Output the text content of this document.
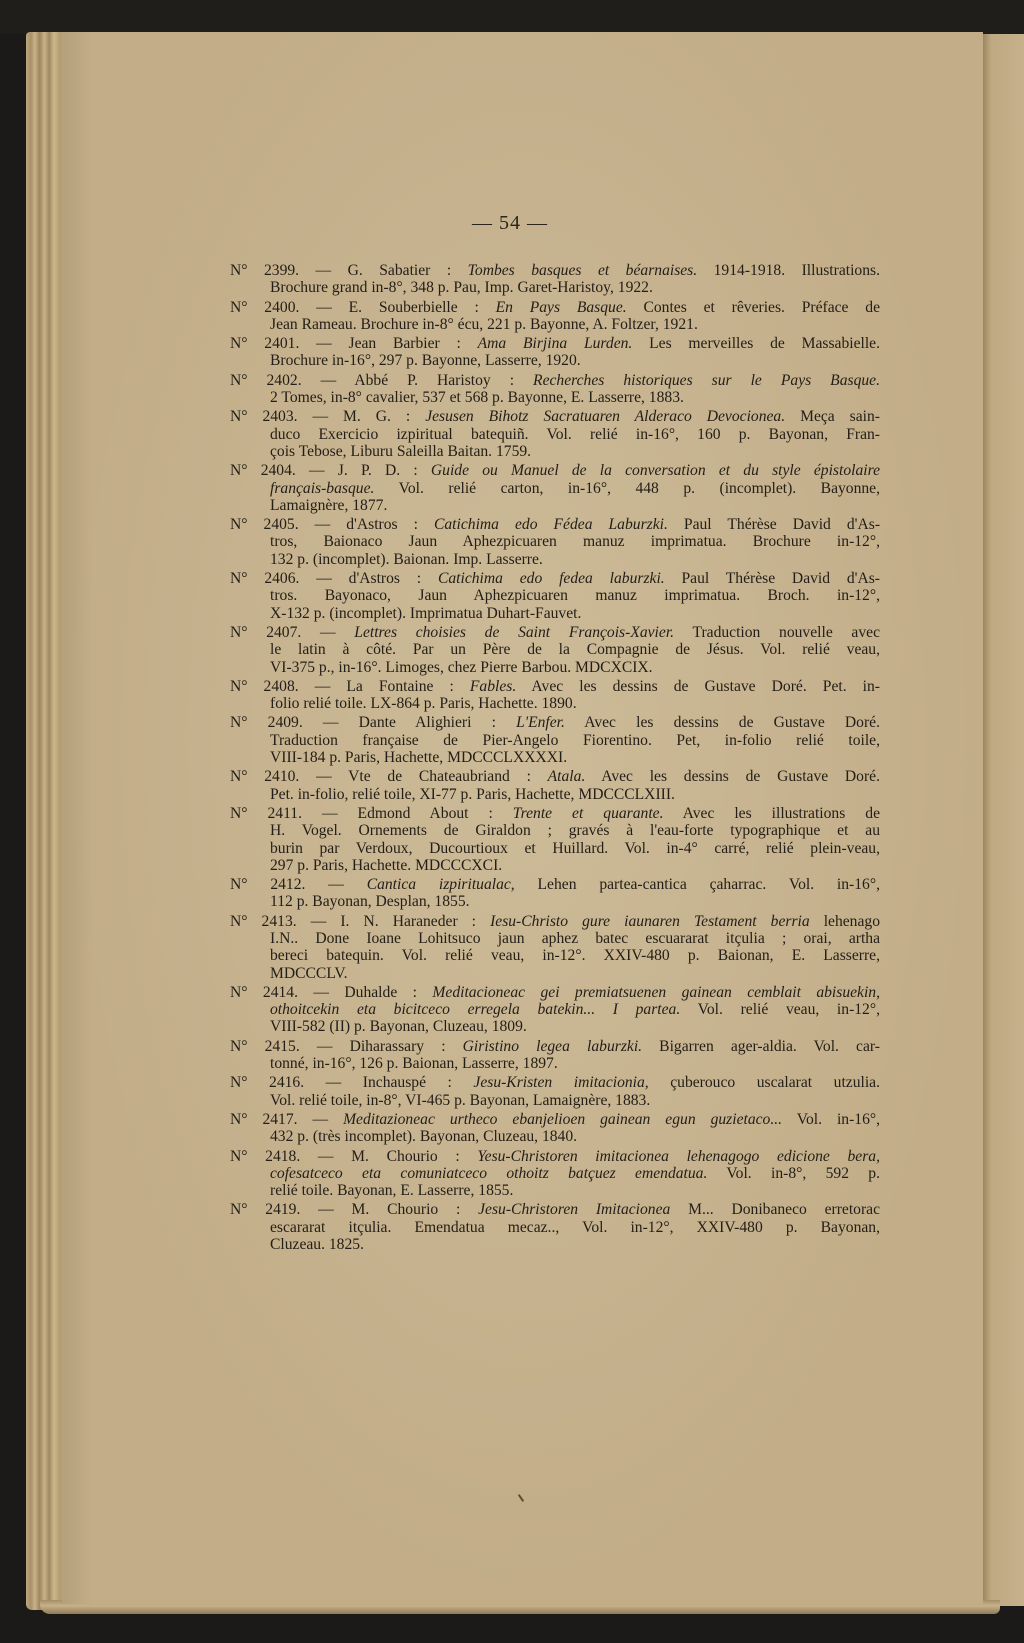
— 54 —
N° 2399. — G. Sabatier : Tombes basques et béarnaises. 1914-1918. Illustrations.
Brochure grand in-8°, 348 p. Pau, Imp. Garet-Haristoy, 1922.
N° 2400. — E. Souberbielle : En Pays Basque. Contes et rêveries. Préface de
Jean Rameau. Brochure in-8° écu, 221 p. Bayonne, A. Foltzer, 1921.
N° 2401. — Jean Barbier : Ama Birjina Lurden. Les merveilles de Massabielle.
Brochure in-16°, 297 p. Bayonne, Lasserre, 1920.
N° 2402. — Abbé P. Haristoy : Recherches historiques sur le Pays Basque.
2 Tomes, in-8° cavalier, 537 et 568 p. Bayonne, E. Lasserre, 1883.
N° 2403. — M. G. : Jesusen Bihotz Sacratuaren Alderaco Devocionea. Meça sain-
duco Exercicio izpiritual batequiñ. Vol. relié in-16°, 160 p. Bayonan, Fran-
çois Tebose, Liburu Saleilla Baitan. 1759.
N° 2404. — J. P. D. : Guide ou Manuel de la conversation et du style épistolaire
français-basque. Vol. relié carton, in-16°, 448 p. (incomplet). Bayonne,
Lamaignère, 1877.
N° 2405. — d'Astros : Catichima edo Fédea Laburzki. Paul Thérèse David d'As-
tros, Baionaco Jaun Aphezpicuaren manuz imprimatua. Brochure in-12°,
132 p. (incomplet). Baionan. Imp. Lasserre.
N° 2406. — d'Astros : Catichima edo fedea laburzki. Paul Thérèse David d'As-
tros. Bayonaco, Jaun Aphezpicuaren manuz imprimatua. Broch. in-12°,
X-132 p. (incomplet). Imprimatua Duhart-Fauvet.
N° 2407. — Lettres choisies de Saint François-Xavier. Traduction nouvelle avec
le latin à côté. Par un Père de la Compagnie de Jésus. Vol. relié veau,
VI-375 p., in-16°. Limoges, chez Pierre Barbou. MDCXCIX.
N° 2408. — La Fontaine : Fables. Avec les dessins de Gustave Doré. Pet. in-
folio relié toile. LX-864 p. Paris, Hachette. 1890.
N° 2409. — Dante Alighieri : L'Enfer. Avec les dessins de Gustave Doré.
Traduction française de Pier-Angelo Fiorentino. Pet, in-folio relié toile,
VIII-184 p. Paris, Hachette, MDCCCLXXXXI.
N° 2410. — Vte de Chateaubriand : Atala. Avec les dessins de Gustave Doré.
Pet. in-folio, relié toile, XI-77 p. Paris, Hachette, MDCCCLXIII.
N° 2411. — Edmond About : Trente et quarante. Avec les illustrations de
H. Vogel. Ornements de Giraldon ; gravés à l'eau-forte typographique et au
burin par Verdoux, Ducourtioux et Huillard. Vol. in-4° carré, relié plein-veau,
297 p. Paris, Hachette. MDCCCXCI.
N° 2412. — Cantica izpiritualac, Lehen partea-cantica çaharrac. Vol. in-16°,
112 p. Bayonan, Desplan, 1855.
N° 2413. — I. N. Haraneder : Iesu-Christo gure iaunaren Testament berria lehenago
I.N.. Done Ioane Lohitsuco jaun aphez batec escuararat itçulia ; orai, artha
bereci batequin. Vol. relié veau, in-12°. XXIV-480 p. Baionan, E. Lasserre,
MDCCCLV.
N° 2414. — Duhalde : Meditacioneac gei premiatsuenen gainean cemblait abisuekin,
othoitcekin eta bicitceco erregela batekin... I partea. Vol. relié veau, in-12°,
VIII-582 (II) p. Bayonan, Cluzeau, 1809.
N° 2415. — Diharassary : Giristino legea laburzki. Bigarren ager-aldia. Vol. car-
tonné, in-16°, 126 p. Baionan, Lasserre, 1897.
N° 2416. — Inchauspé : Jesu-Kristen imitacionia, çuberouco uscalarat utzulia.
Vol. relié toile, in-8°, VI-465 p. Bayonan, Lamaignère, 1883.
N° 2417. — Meditazioneac urtheco ebanjelioen gainean egun guzietaco... Vol. in-16°,
432 p. (très incomplet). Bayonan, Cluzeau, 1840.
N° 2418. — M. Chourio : Yesu-Christoren imitacionea lehenagogo edicione bera,
cofesatceco eta comuniatceco othoitz batçuez emendatua. Vol. in-8°, 592 p.
relié toile. Bayonan, E. Lasserre, 1855.
N° 2419. — M. Chourio : Jesu-Christoren Imitacionea M... Donibaneco erretorac
escararat itçulia. Emendatua mecaz.., Vol. in-12°, XXIV-480 p. Bayonan,
Cluzeau. 1825.
